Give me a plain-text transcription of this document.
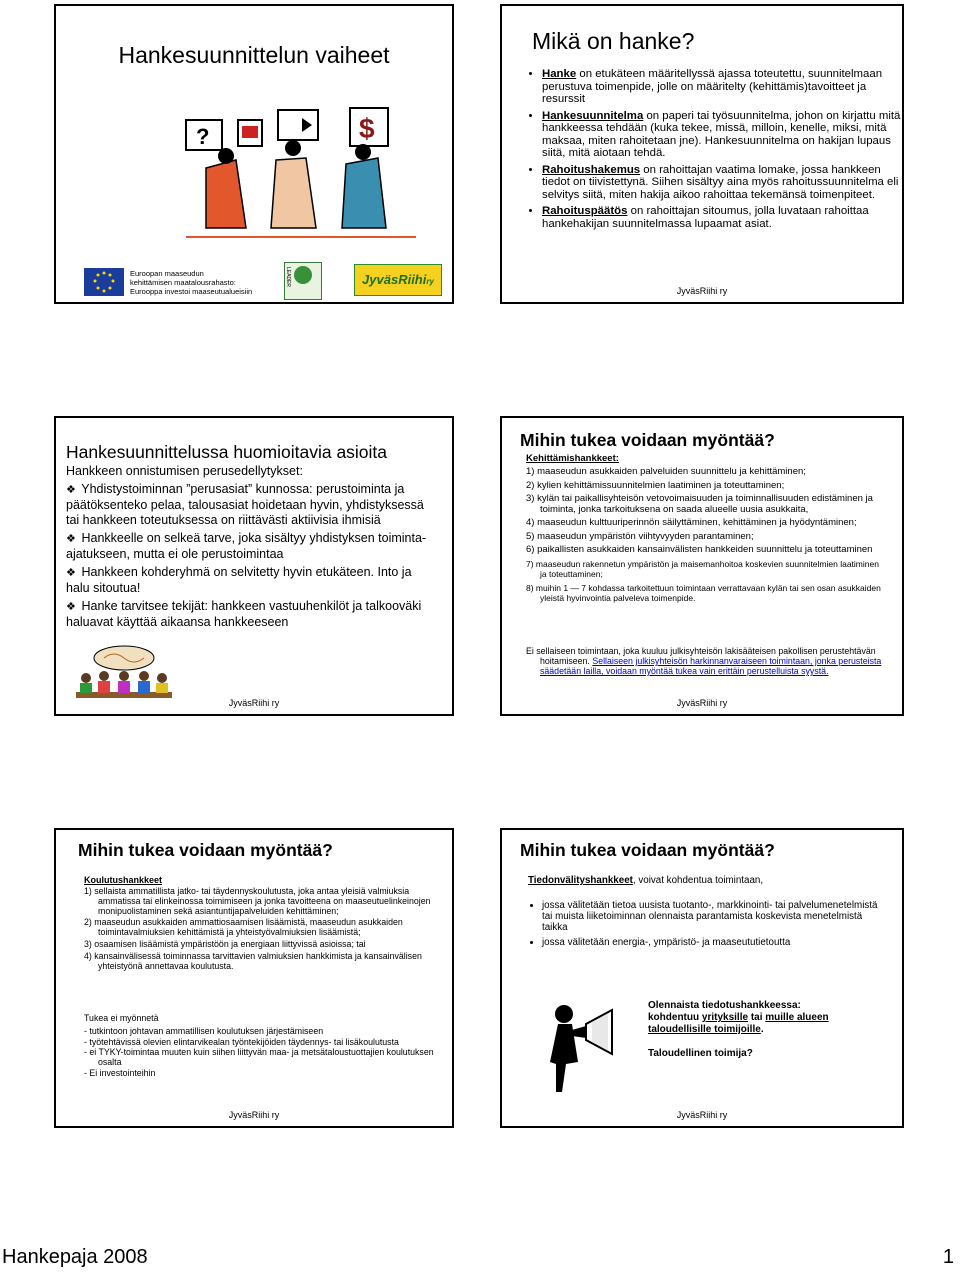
Hankesuunnittelun vaiheet
?	$
Euroopan maaseudun
kehittämisen maatalousrahasto:
Eurooppa investoi maaseutualueisiin
LEADER	JyväsRiihiry
Mikä on hanke?
• Hanke on etukäteen määritellyssä ajassa toteutettu, suunnitelmaan perustuva toimenpide, jolle on määritelty (kehittämis)tavoitteet ja resurssit
• Hankesuunnitelma on paperi tai työsuunnitelma, johon on kirjattu mitä hankkeessa tehdään (kuka tekee, missä, milloin, kenelle, miksi, mitä maksaa, miten rahoitetaan jne). Hankesuunnitelma on hakijan lupaus siitä, mitä aiotaan tehdä.
• Rahoitushakemus on rahoittajan vaatima lomake, jossa hankkeen tiedot on tiivistettynä. Siihen sisältyy aina myös rahoitussuunnitelma eli selvitys siitä, miten hakija aikoo rahoittaa tekemänsä toimenpiteet.
• Rahoituspäätös on rahoittajan sitoumus, jolla luvataan rahoittaa hankehakijan suunnitelmassa lupaamat asiat.
JyväsRiihi ry
Hankesuunnittelussa huomioitavia asioita
Hankkeen onnistumisen perusedellytykset:
❖ Yhdistystoiminnan ”perusasiat” kunnossa: perustoiminta ja päätöksenteko pelaa, talousasiat hoidetaan hyvin, yhdistyksessä tai hankkeen toteutuksessa on riittävästi aktiivisia ihmisiä
❖ Hankkeelle on selkeä tarve, joka sisältyy yhdistyksen toiminta-ajatukseen, mutta ei ole perustoimintaa
❖ Hankkeen kohderyhmä on selvitetty hyvin etukäteen. Into ja halu sitoutua!
❖ Hanke tarvitsee tekijät: hankkeen vastuuhenkilöt ja talkooväki haluavat käyttää aikaansa hankkeeseen
JyväsRiihi ry
Mihin tukea voidaan myöntää?
Kehittämishankkeet:
1) maaseudun asukkaiden palveluiden suunnittelu ja kehittäminen;
2) kylien kehittämissuunnitelmien laatiminen ja toteuttaminen;
3) kylän tai paikallisyhteisön vetovoimaisuuden ja toiminnallisuuden edistäminen ja toiminta, jonka tarkoituksena on saada alueelle uusia asukkaita,
4) maaseudun kulttuuriperinnön säilyttäminen, kehittäminen ja hyödyntäminen;
5) maaseudun ympäristön viihtyvyyden parantaminen;
6) paikallisten asukkaiden kansainvälisten hankkeiden suunnittelu ja toteuttaminen
7) maaseudun rakennetun ympäristön ja maisemanhoitoa koskevien suunnitelmien laatiminen ja toteuttaminen;
8) muihin 1 — 7 kohdassa tarkoitettuun toimintaan verrattavaan kylän tai sen osan asukkaiden yleistä hyvinvointia palveleva toimenpide.
Ei sellaiseen toimintaan, joka kuuluu julkisyhteisön lakisääteisen pakollisen perustehtävän hoitamiseen. Sellaiseen julkisyhteisön harkinnanvaraiseen toimintaan, jonka perusteista säädetään lailla, voidaan myöntää tukea vain erittäin perustelluista syystä.
JyväsRiihi ry
Mihin tukea voidaan myöntää?
Koulutushankkeet
1) sellaista ammatillista jatko- tai täydennyskoulutusta, joka antaa yleisiä valmiuksia ammatissa tai elinkeinossa toimimiseen ja jonka tavoitteena on maaseutuelinkeinojen monipuolistaminen sekä asiantuntijapalveluiden kehittäminen;
2) maaseudun asukkaiden ammattiosaamisen lisäämistä, maaseudun asukkaiden toimintavalmiuksien kehittämistä ja yhteistyövalmiuksien lisäämistä;
3) osaamisen lisäämistä ympäristöön ja energiaan liittyvissä asioissa; tai
4) kansainvälisessä toiminnassa tarvittavien valmiuksien hankkimista ja kansainvälisen yhteistyönä annettavaa koulutusta.
Tukea ei myönnetä
- tutkintoon johtavan ammatillisen koulutuksen järjestämiseen
- työtehtävissä olevien elintarvikealan työntekijöiden täydennys- tai lisäkoulutusta
- ei TYKY-toimintaa muuten kuin siihen liittyvän maa- ja metsätaloustuottajien koulutuksen osalta
- Ei investointeihin
JyväsRiihi ry
Mihin tukea voidaan myöntää?
Tiedonvälityshankkeet, voivat kohdentua toimintaan,
• jossa välitetään tietoa uusista tuotanto-, markkinointi- tai palvelumenetelmistä tai muista liiketoiminnan olennaista parantamista koskevista menetelmistä taikka
• jossa välitetään energia-, ympäristö- ja maaseututietoutta
Olennaista tiedotushankkeessa:
kohdentuu yrityksille tai muille alueen taloudellisille toimijoille.
Taloudellinen toimija?
JyväsRiihi ry
Hankepaja 2008	1
